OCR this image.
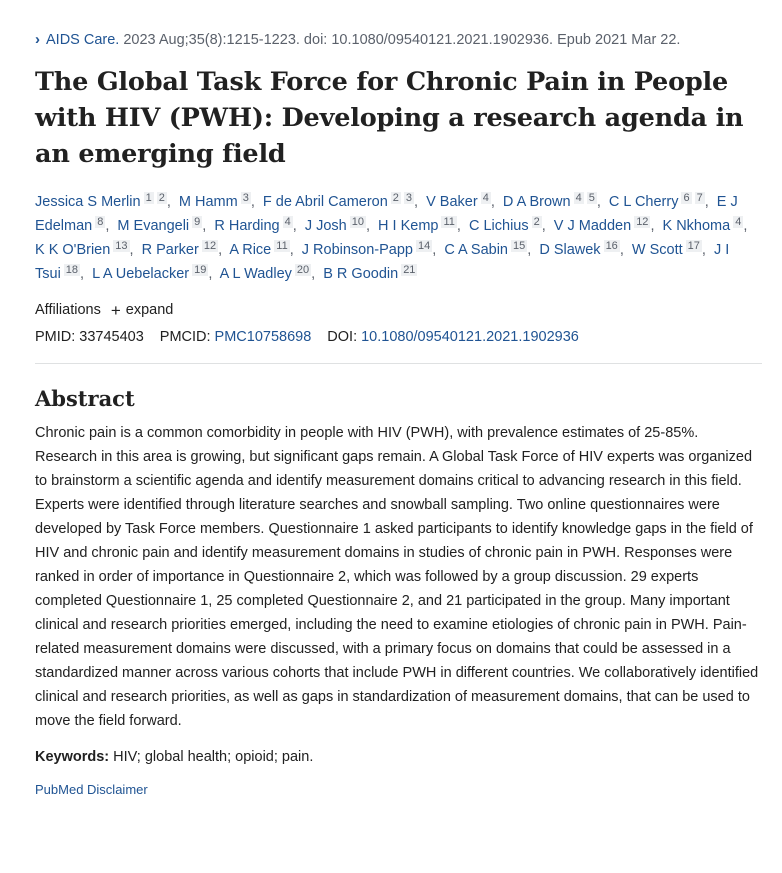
› AIDS Care. 2023 Aug;35(8):1215-1223. doi: 10.1080/09540121.2021.1902936. Epub 2021 Mar 22.
The Global Task Force for Chronic Pain in People with HIV (PWH): Developing a research agenda in an emerging field
Jessica S Merlin $^1$ $^2$ , M Hamm $^3$ , F de Abril Cameron $^2$ $^3$ , V Baker $^4$ , D A Brown $^4$ $^5$ , C L Cherry $^6$ $^7$ , E J Edelman $^8$ , M Evangeli $^9$ , R Harding $^4$ , J Josh $^{10}$ , H I Kemp $^{11}$ , C Lichius $^2$ , V J Madden $^{12}$ , K Nkhoma $^4$ , K K O'Brien $^{13}$ , R Parker $^{12}$ , A Rice $^{11}$ , J Robinson-Papp $^{14}$ , C A Sabin $^{15}$ , D Slawek $^{16}$ , W Scott $^{17}$ , J I Tsui $^{18}$ , L A Uebelacker $^{19}$ , A L Wadley $^{20}$ , B R Goodin $^{21}$
Affiliations + expand
PMID: 33745403 PMCID: PMC10758698 DOI: 10.1080/09540121.2021.1902936
Abstract

Chronic pain is a common comorbidity in people with HIV (PWH), with prevalence estimates of 25-85%. Research in this area is growing, but significant gaps remain. A Global Task Force of HIV experts was organized to brainstorm a scientific agenda and identify measurement domains critical to advancing research in this field. Experts were identified through literature searches and snowball sampling. Two online questionnaires were developed by Task Force members. Questionnaire 1 asked participants to identify knowledge gaps in the field of HIV and chronic pain and identify measurement domains in studies of chronic pain in PWH. Responses were ranked in order of importance in Questionnaire 2, which was followed by a group discussion. 29 experts completed Questionnaire 1, 25 completed Questionnaire 2, and 21 participated in the group. Many important clinical and research priorities emerged, including the need to examine etiologies of chronic pain in PWH. Pain-related measurement domains were discussed, with a primary focus on domains that could be assessed in a standardized manner across various cohorts that include PWH in different countries. We collaboratively identified clinical and research priorities, as well as gaps in standardization of measurement domains, that can be used to move the field forward.

Keywords: HIV; global health; opioid; pain.
PubMed Disclaimer
